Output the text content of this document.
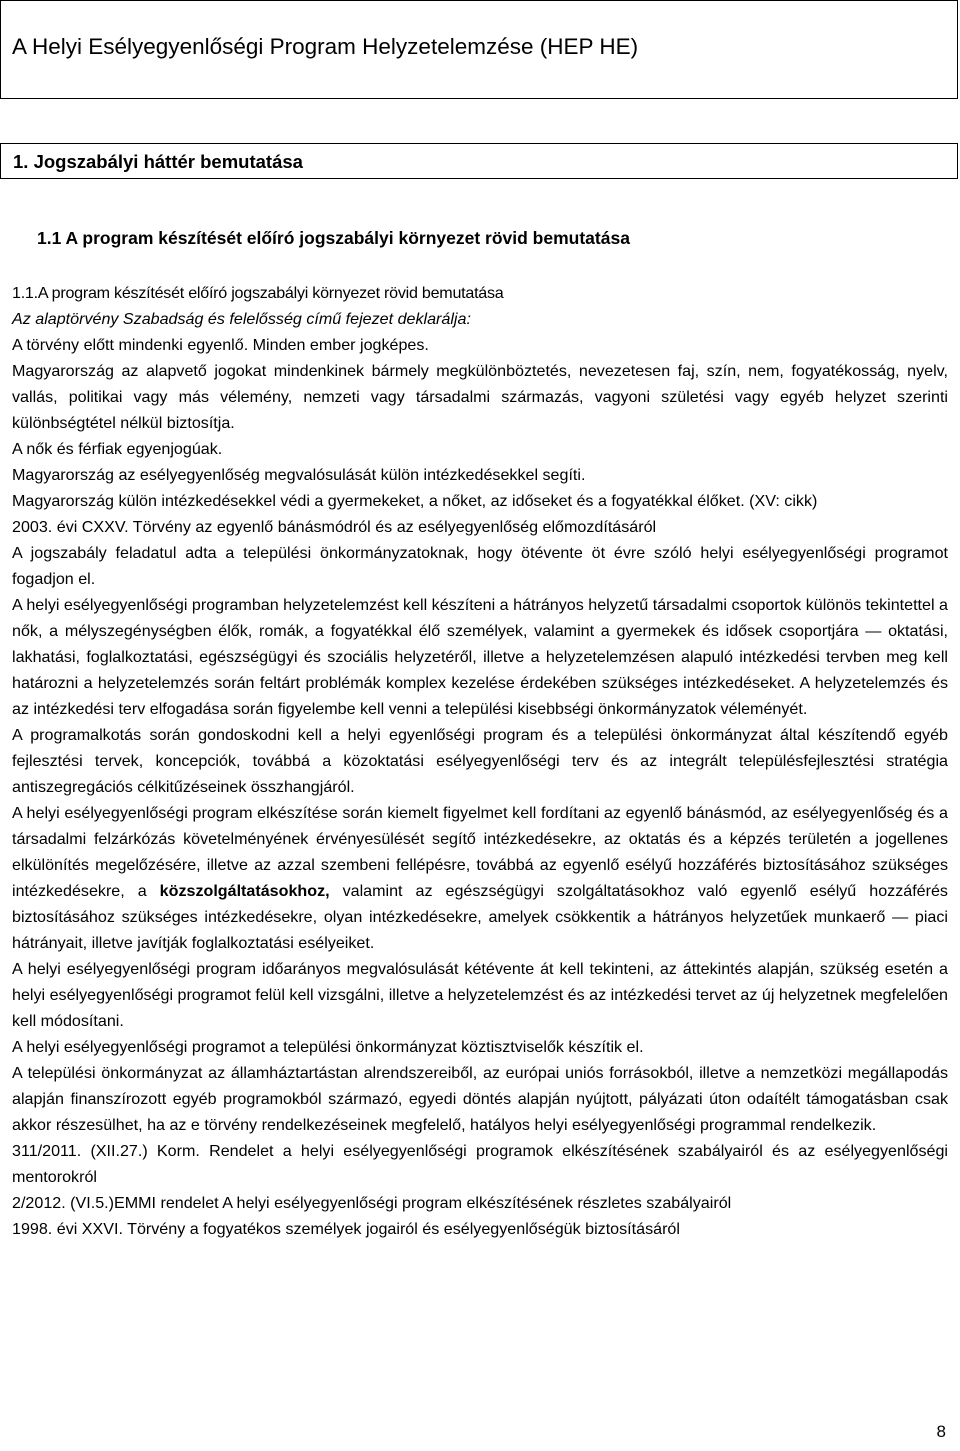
A Helyi Esélyegyenlőségi Program Helyzetelemzése (HEP HE)
1. Jogszabályi háttér bemutatása
1.1 A program készítését előíró jogszabályi környezet rövid bemutatása

1.1.A program készítését előíró jogszabályi környezet rövid bemutatása

Az alaptörvény Szabadság és felelősség című fejezet deklarálja:

A törvény előtt mindenki egyenlő. Minden ember jogképes.

Magyarország az alapvető jogokat mindenkinek bármely megkülönböztetés, nevezetesen faj, szín, nem, fogyatékosság, nyelv, vallás, politikai vagy más vélemény, nemzeti vagy társadalmi származás, vagyoni születési vagy egyéb helyzet szerinti különbségtétel nélkül biztosítja.

A nők és férfiak egyenjogúak.

Magyarország az esélyegyenlőség megvalósulását külön intézkedésekkel segíti.

Magyarország külön intézkedésekkel védi a gyermekeket, a nőket, az időseket és a fogyatékkal élőket. (XV: cikk)

2003. évi CXXV. Törvény az egyenlő bánásmódról és az esélyegyenlőség előmozdításáról

A jogszabály feladatul adta a települési önkormányzatoknak, hogy ötévente öt évre szóló helyi esélyegyenlőségi programot fogadjon el.

A helyi esélyegyenlőségi programban helyzetelemzést kell készíteni a hátrányos helyzetű társadalmi csoportok különös tekintettel a nők, a mélyszegénységben élők, romák, a fogyatékkal élő személyek, valamint a gyermekek és idősek csoportjára — oktatási, lakhatási, foglalkoztatási, egészségügyi és szociális helyzetéről, illetve a helyzetelemzésen alapuló intézkedési tervben meg kell határozni a helyzetelemzés során feltárt problémák komplex kezelése érdekében szükséges intézkedéseket. A helyzetelemzés és az intézkedési terv elfogadása során figyelembe kell venni a települési kisebbségi önkormányzatok véleményét.

A programalkotás során gondoskodni kell a helyi egyenlőségi program és a települési önkormányzat által készítendő egyéb fejlesztési tervek, koncepciók, továbbá a közoktatási esélyegyenlőségi terv és az integrált településfejlesztési stratégia antiszegregációs célkitűzéseinek összhangjáról.

A helyi esélyegyenlőségi program elkészítése során kiemelt figyelmet kell fordítani az egyenlő bánásmód, az esélyegyenlőség és a társadalmi felzárkózás követelményének érvényesülését segítő intézkedésekre, az oktatás és a képzés területén a jogellenes elkülönítés megelőzésére, illetve az azzal szembeni fellépésre, továbbá az egyenlő esélyű hozzáférés biztosításához szükséges intézkedésekre, a közszolgáltatásokhoz, valamint az egészségügyi szolgáltatásokhoz való egyenlő esélyű hozzáférés biztosításához szükséges intézkedésekre, olyan intézkedésekre, amelyek csökkentik a hátrányos helyzetűek munkaerő — piaci hátrányait, illetve javítják foglalkoztatási esélyeiket.

A helyi esélyegyenlőségi program időarányos megvalósulását kétévente át kell tekinteni, az áttekintés alapján, szükség esetén a helyi esélyegyenlőségi programot felül kell vizsgálni, illetve a helyzetelemzést és az intézkedési tervet az új helyzetnek megfelelően kell módosítani.

A helyi esélyegyenlőségi programot a települési önkormányzat köztisztviselők készítik el.

A települési önkormányzat az államháztartástan alrendszereiből, az európai uniós forrásokból, illetve a nemzetközi megállapodás alapján finanszírozott egyéb programokból származó, egyedi döntés alapján nyújtott, pályázati úton odaítélt támogatásban csak akkor részesülhet, ha az e törvény rendelkezéseinek megfelelő, hatályos helyi esélyegyenlőségi programmal rendelkezik.

311/2011. (XII.27.) Korm. Rendelet a helyi esélyegyenlőségi programok elkészítésének szabályairól és az esélyegyenlőségi mentorokról

2/2012. (VI.5.)EMMI rendelet A helyi esélyegyenlőségi program elkészítésének részletes szabályairól

1998. évi XXVI. Törvény a fogyatékos személyek jogairól és esélyegyenlőségük biztosításáról

8
